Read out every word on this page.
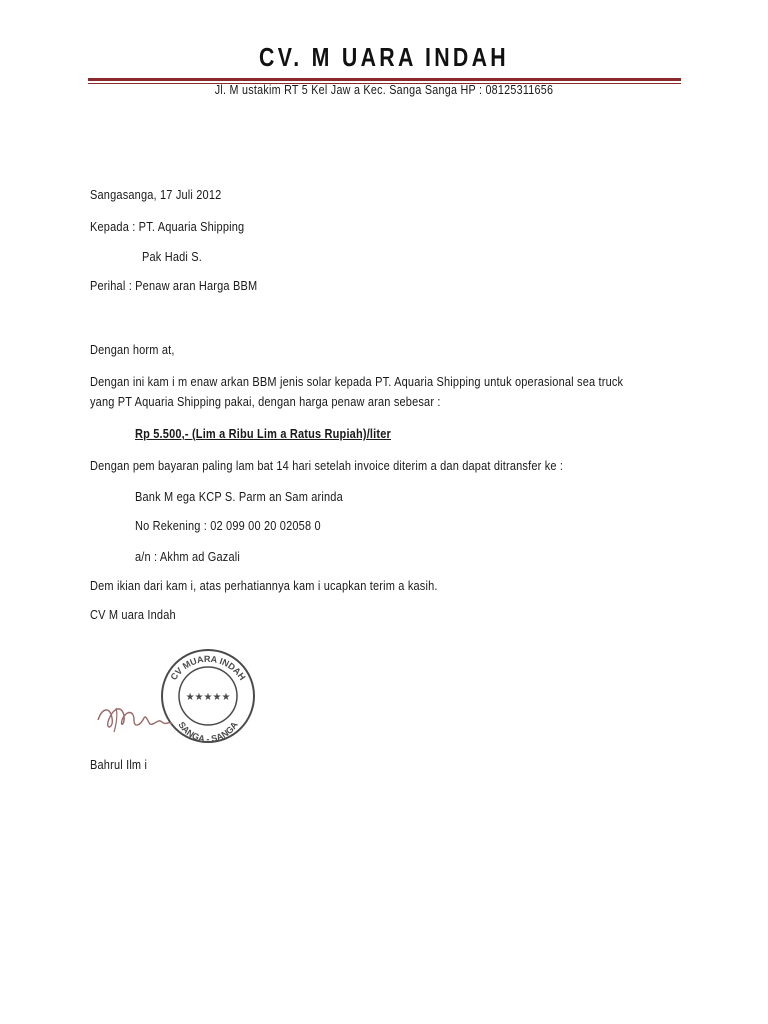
CV. M UARA INDAH
Jl. M ustakim RT 5 Kel Jaw a Kec. Sanga Sanga HP : 08125311656
Sangasanga, 17 Juli 2012
Kepada : PT. Aquaria Shipping
Pak Hadi S.
Perihal : Penaw aran Harga BBM
Dengan horm at,
Dengan ini kam i m enaw arkan BBM jenis solar kepada PT. Aquaria Shipping untuk operasional sea truck
yang PT Aquaria Shipping pakai, dengan harga penaw aran sebesar :
Rp 5.500,- (Lim a Ribu Lim a Ratus Rupiah)/liter
Dengan pem bayaran paling lam bat 14 hari setelah invoice diterim a dan dapat ditransfer ke :
Bank M ega KCP S. Parm an Sam arinda
No Rekening : 02 099 00 20 02058 0
a/n : Akhm ad Gazali
Dem ikian dari kam i, atas perhatiannya kam i ucapkan terim a kasih.
CV M uara Indah
CV MUARA INDAH
SANGA - SANGA
★★★★★
Bahrul Ilm i
